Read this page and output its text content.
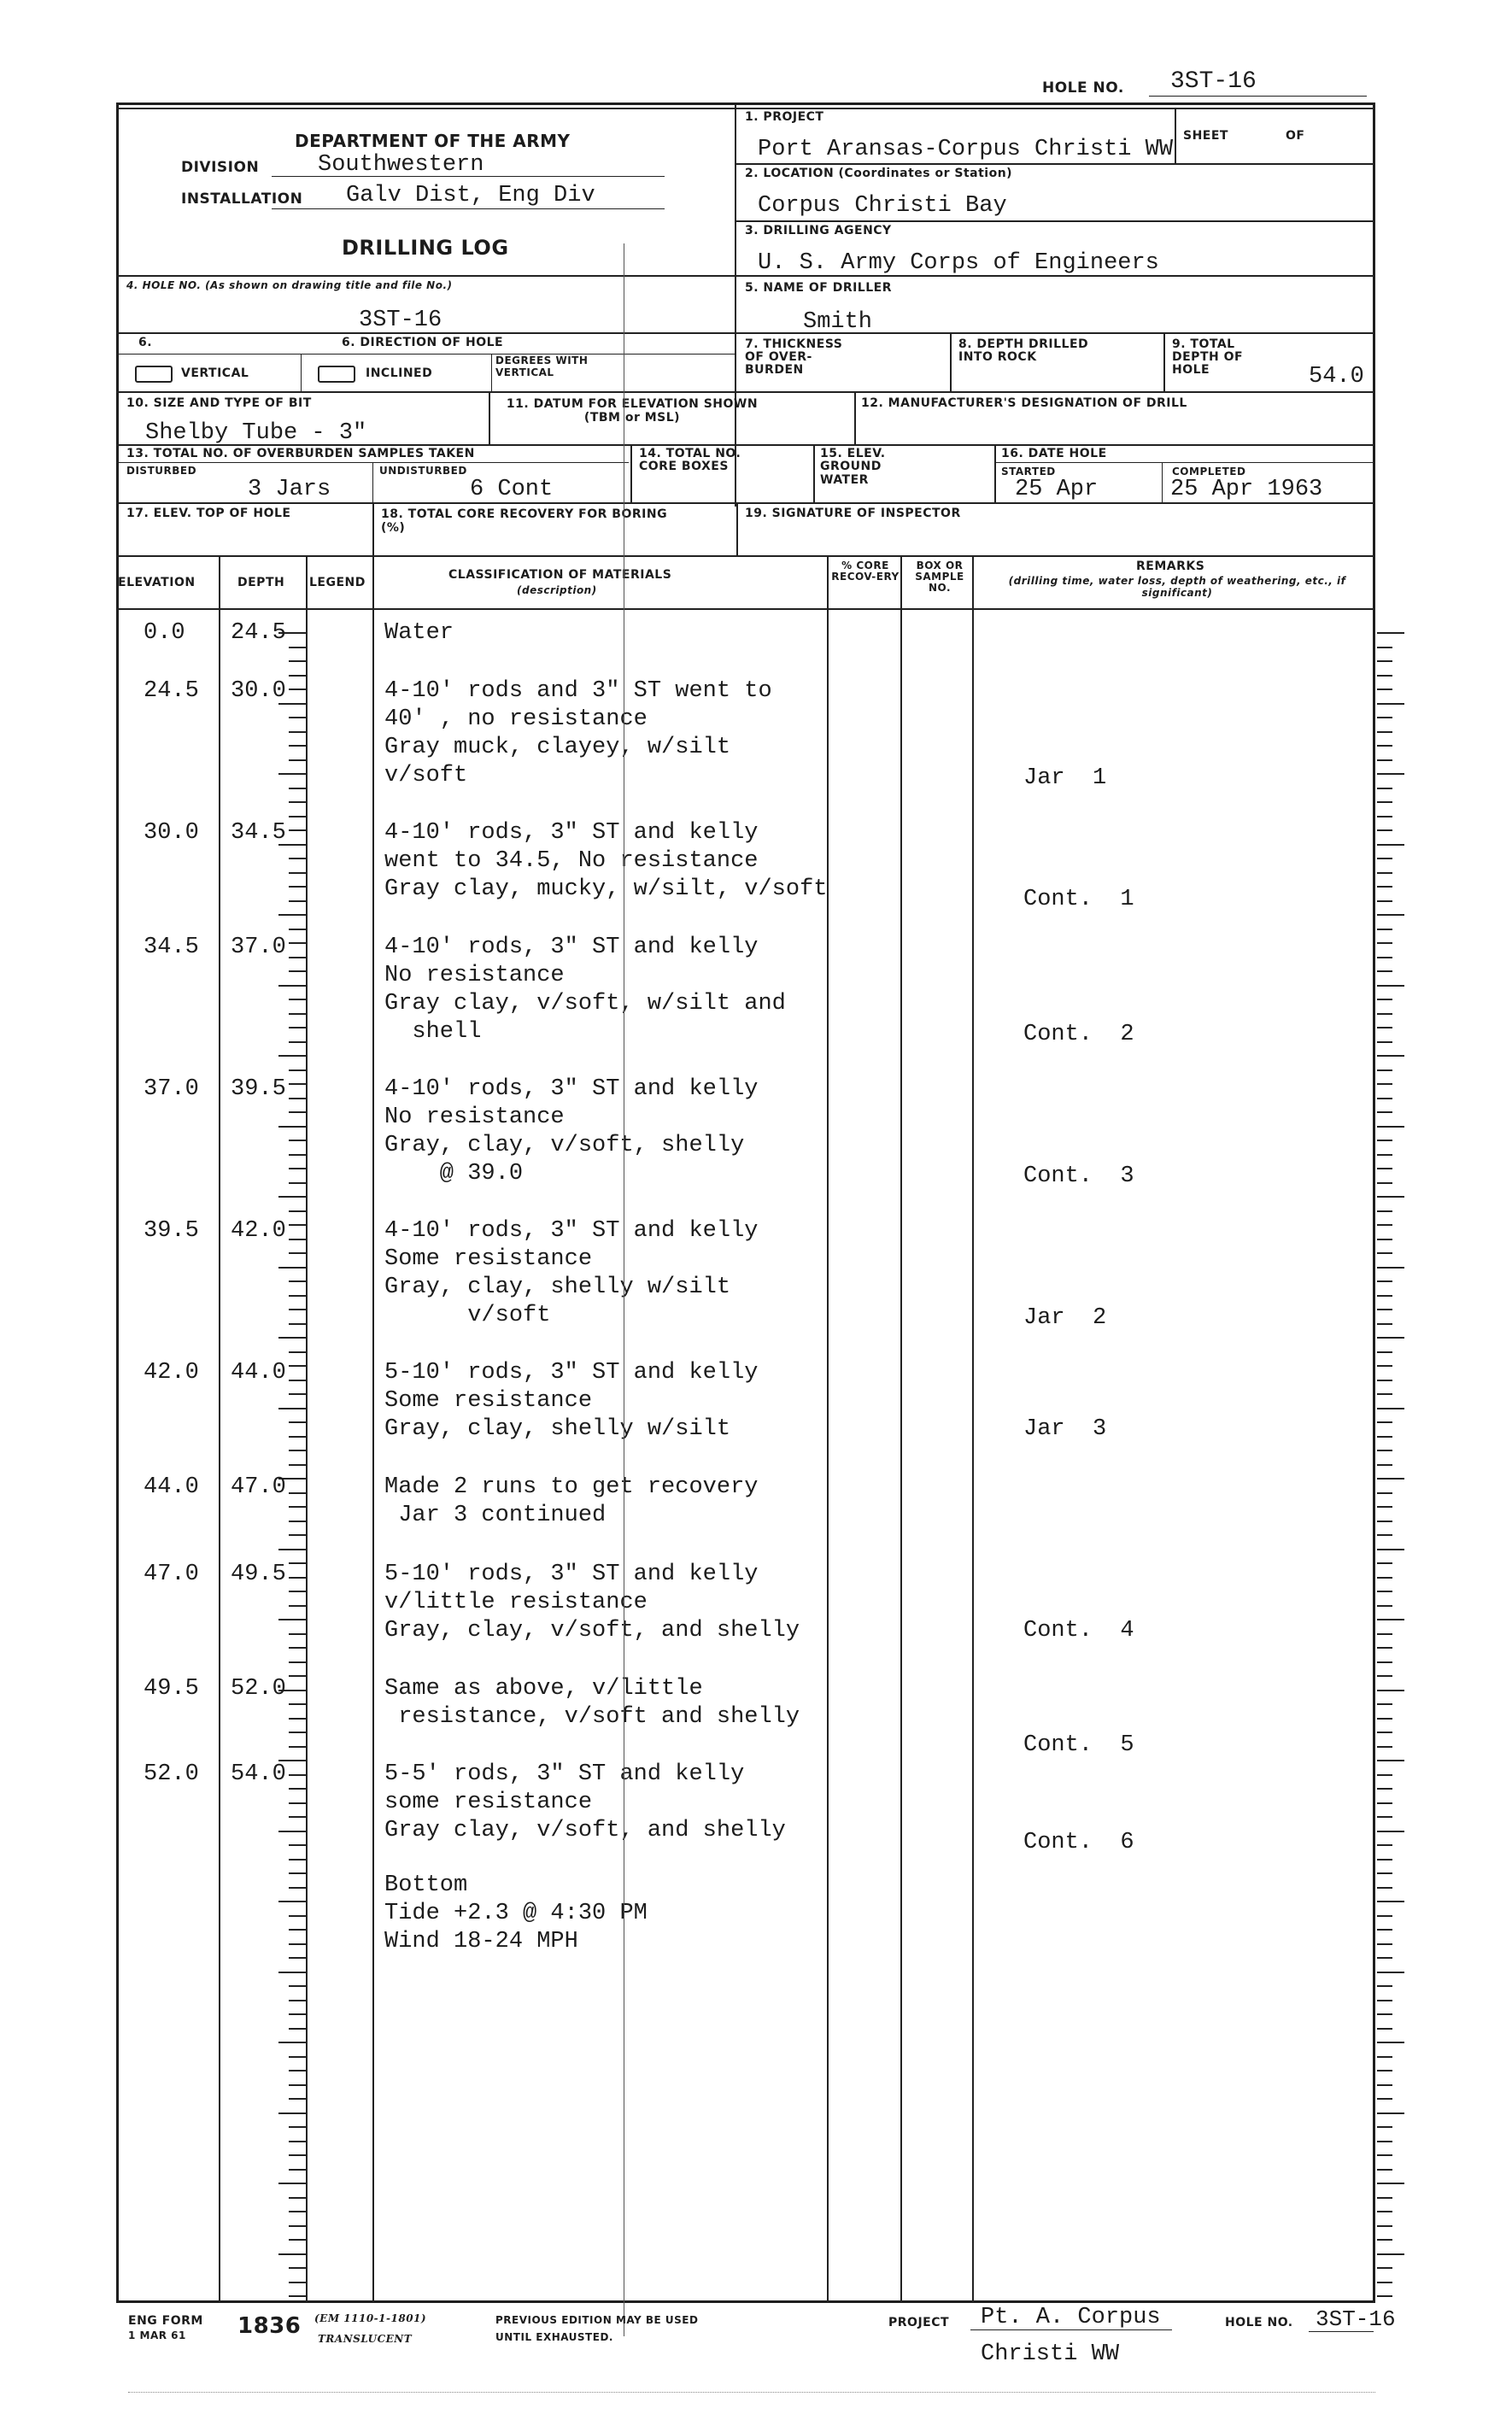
HOLE NO. 3ST-16
DEPARTMENT OF THE ARMY
DIVISION	Southwestern
INSTALLATION Galv Dist, Eng Div
DRILLING LOG
1. PROJECT
Port Aransas-Corpus Christi WW
SHEET	OF
2. LOCATION (Coordinates or Station)
Corpus Christi Bay
3. DRILLING AGENCY
U. S. Army Corps of Engineers
4. HOLE NO. (As shown on drawing title and file No.)
3ST-16
5. NAME OF DRILLER
Smith
6.	6. DIRECTION OF HOLE
VERTICAL	INCLINED
DEGREES WITH VERTICAL
7. THICKNESS OF OVER-BURDEN
8. DEPTH DRILLED INTO ROCK
9. TOTAL DEPTH OF HOLE	54.0
10. SIZE AND TYPE OF BIT
Shelby Tube - 3"
11. DATUM FOR ELEVATION SHOWN (TBM or MSL)
12. MANUFACTURER'S DESIGNATION OF DRILL
13. TOTAL NO. OF OVERBURDEN SAMPLES TAKEN
DISTURBED
3 Jars
UNDISTURBED
6 Cont
14. TOTAL NO. CORE BOXES
15. ELEV. GROUND WATER
16. DATE HOLE
STARTED
25 Apr
COMPLETED
25 Apr 1963
17. ELEV. TOP OF HOLE	18. TOTAL CORE RECOVERY FOR BORING (%)
19. SIGNATURE OF INSPECTOR
ELEVATION	DEPTH LEGEND
CLASSIFICATION OF MATERIALS
(description)
% CORE RECOV-ERY
BOX OR SAMPLE NO.
REMARKS
(drilling time, water loss, depth of weathering, etc., if significant)
0.0 24.5	Water
24.5 30.0	4-10' rods and 3" ST went to
40' , no resistance
Gray muck, clayey, w/silt
v/soft	Jar  1
30.0 34.5	4-10' rods, 3" ST and kelly
went to 34.5, No resistance
Gray clay, mucky, w/silt, v/soft	Cont.  1
34.5 37.0	4-10' rods, 3" ST and kelly
No resistance
Gray clay, v/soft, w/silt and
shell	Cont.  2
37.0 39.5	4-10' rods, 3" ST and kelly
No resistance
Gray, clay, v/soft, shelly
@ 39.0	Cont.  3
39.5 42.0	4-10' rods, 3" ST and kelly
Some resistance
Gray, clay, shelly w/silt
v/soft	Jar  2
42.0 44.0	5-10' rods, 3" ST and kelly
Some resistance
Gray, clay, shelly w/silt	Jar  3
44.0 47.0	Made 2 runs to get recovery
Jar 3 continued
47.0 49.5	5-10' rods, 3" ST and kelly
v/little resistance
Gray, clay, v/soft, and shelly	Cont.  4
49.5 52.0	Same as above, v/little
resistance, v/soft and shelly
Cont.  5
52.0 54.0	5-5' rods, 3" ST and kelly
some resistance
Gray clay, v/soft, and shelly	Cont.  6
Bottom
Tide +2.3 @ 4:30 PM
Wind 18-24 MPH
ENG FORM
1 MAR 61 1836 (EM 1110-1-1801)
TRANSLUCENT
PREVIOUS EDITION MAY BE USED
UNTIL EXHAUSTED.
PROJECT Pt. A. Corpus
Christi WW
HOLE NO. 3ST-16
